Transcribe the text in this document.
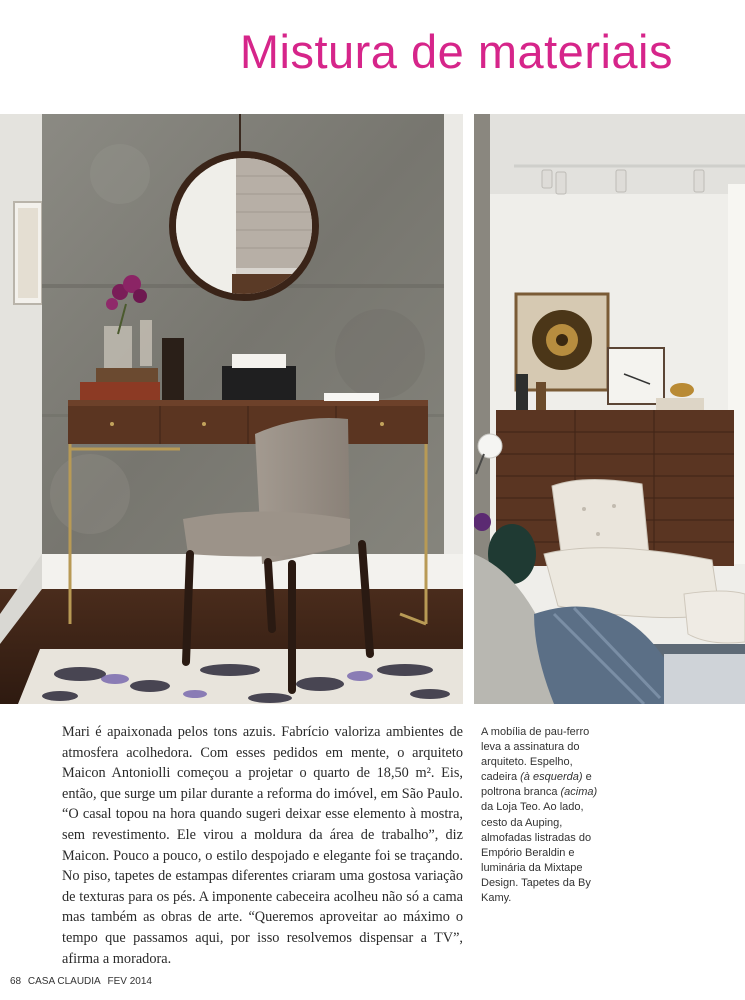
Mistura de materiais
Mari é apaixonada pelos tons azuis. Fabrício valoriza ambientes de atmosfera acolhedora. Com esses pedidos em mente, o arquiteto Maicon Antoniolli começou a projetar o quarto de 18,50 m². Eis, então, que surge um pilar durante a reforma do imóvel, em São Paulo. “O casal topou na hora quando sugeri deixar esse elemento à mostra, sem revestimento. Ele virou a moldura da área de trabalho”, diz Maicon. Pouco a pouco, o estilo despojado e elegante foi se traçando. No piso, tapetes de estampas diferentes criaram uma gostosa variação de texturas para os pés. A imponente cabeceira acolheu não só a cama mas também as obras de arte. “Queremos aproveitar ao máximo o tempo que passamos aqui, por isso resolvemos dispensar a TV”, afirma a moradora.
A mobília de pau-ferro leva a assinatura do arquiteto. Espelho, cadeira (à esquerda) e poltrona branca (acima) da Loja Teo. Ao lado, cesto da Auping, almofadas listradas do Empório Beraldin e luminária da Mixtape Design. Tapetes da By Kamy.
68 CASA CLAUDIA FEV 2014
